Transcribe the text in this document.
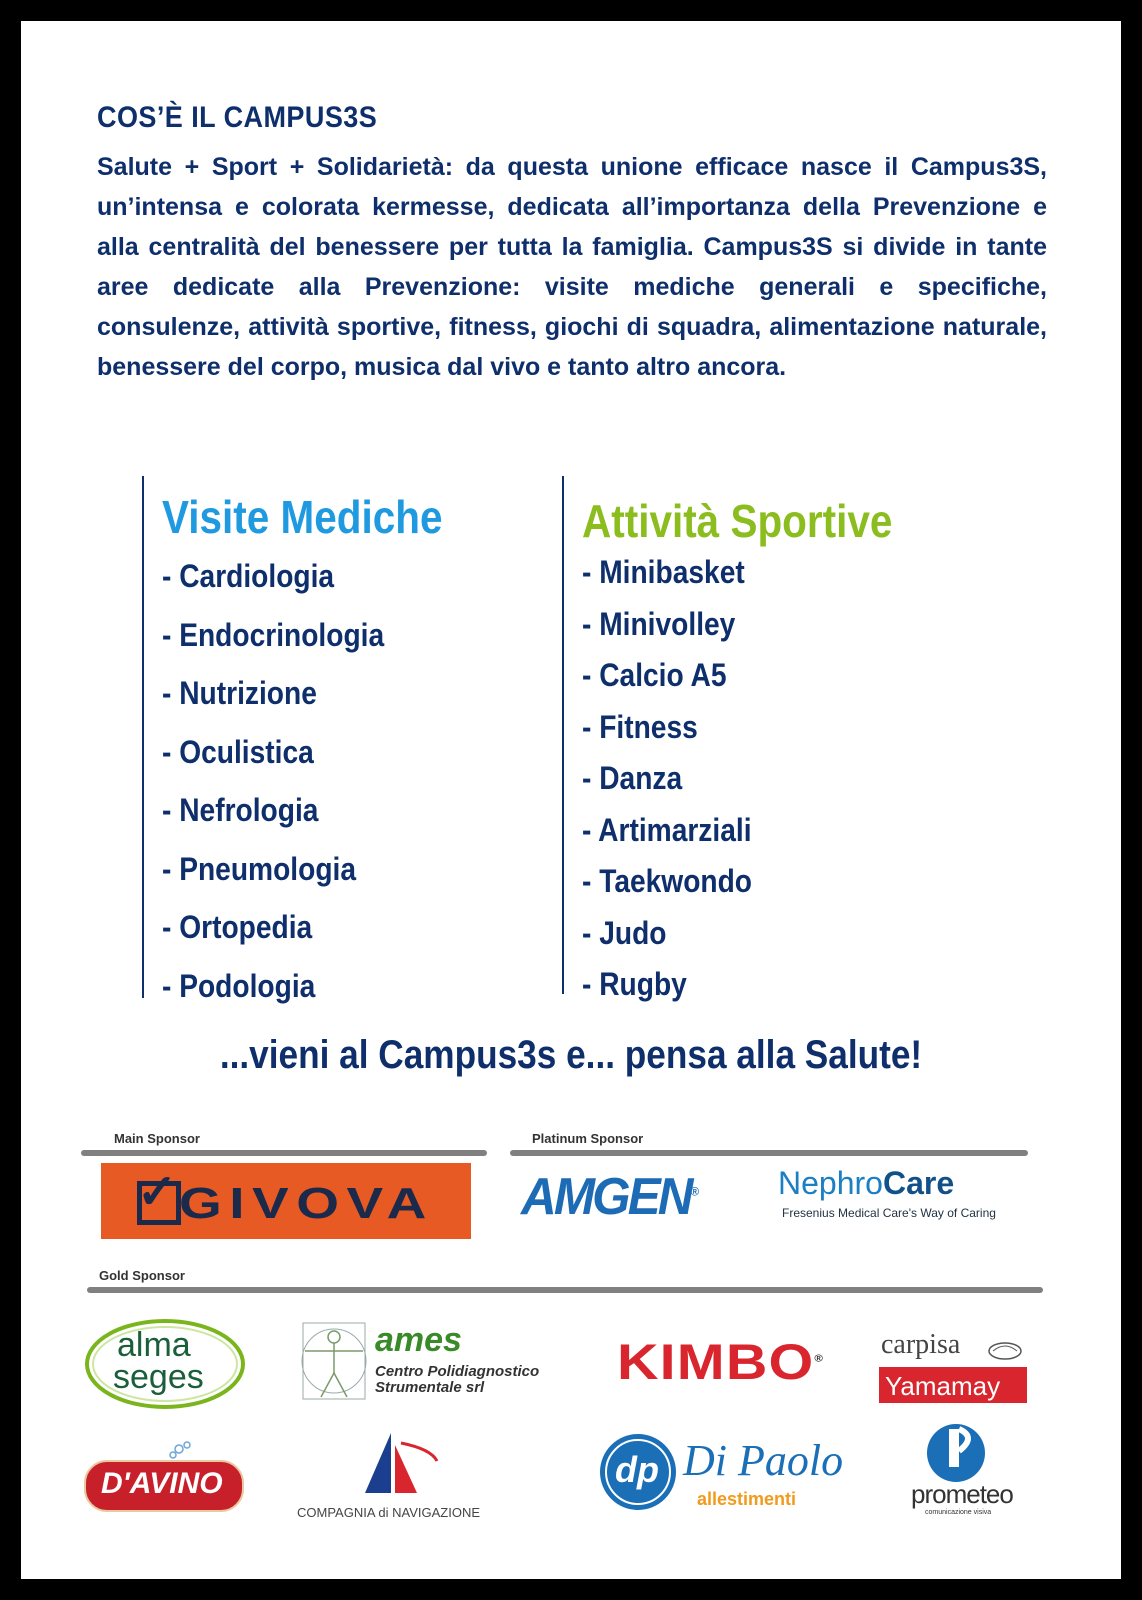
COS’È IL CAMPUS3S
Salute + Sport + Solidarietà: da questa unione efficace nasce il Campus3S, un’intensa e colorata kermesse, dedicata all’importanza della Prevenzione e alla centralità del benessere per tutta la famiglia. Campus3S si divide in tante aree dedicate alla Prevenzione: visite mediche generali e specifiche, consulenze, attività sportive, fitness, giochi di squadra, alimentazione naturale, benessere del corpo, musica dal vivo e tanto altro ancora.
Visite Mediche
- Cardiologia
- Endocrinologia
- Nutrizione
- Oculistica
- Nefrologia
- Pneumologia
- Ortopedia
- Podologia
Attività Sportive
- Minibasket
- Minivolley
- Calcio A5
- Fitness
- Danza
- Artimarziali
- Taekwondo
- Judo
- Rugby
...vieni al Campus3s e... pensa alla Salute!
Main Sponsor	Platinum Sponsor
Gold Sponsor
✓ GIVOVA AMGEN® NephroCare
Fresenius Medical Care's Way of Caring
alma
seges
ames
Centro Polidiagnostico
Strumentale srl	KIMBO® carpisa
Yamamay
D'AVINO
COMPAGNIA di NAVIGAZIONE
dp Di Paolo
allestimenti	prometeo
comunicazione visiva
